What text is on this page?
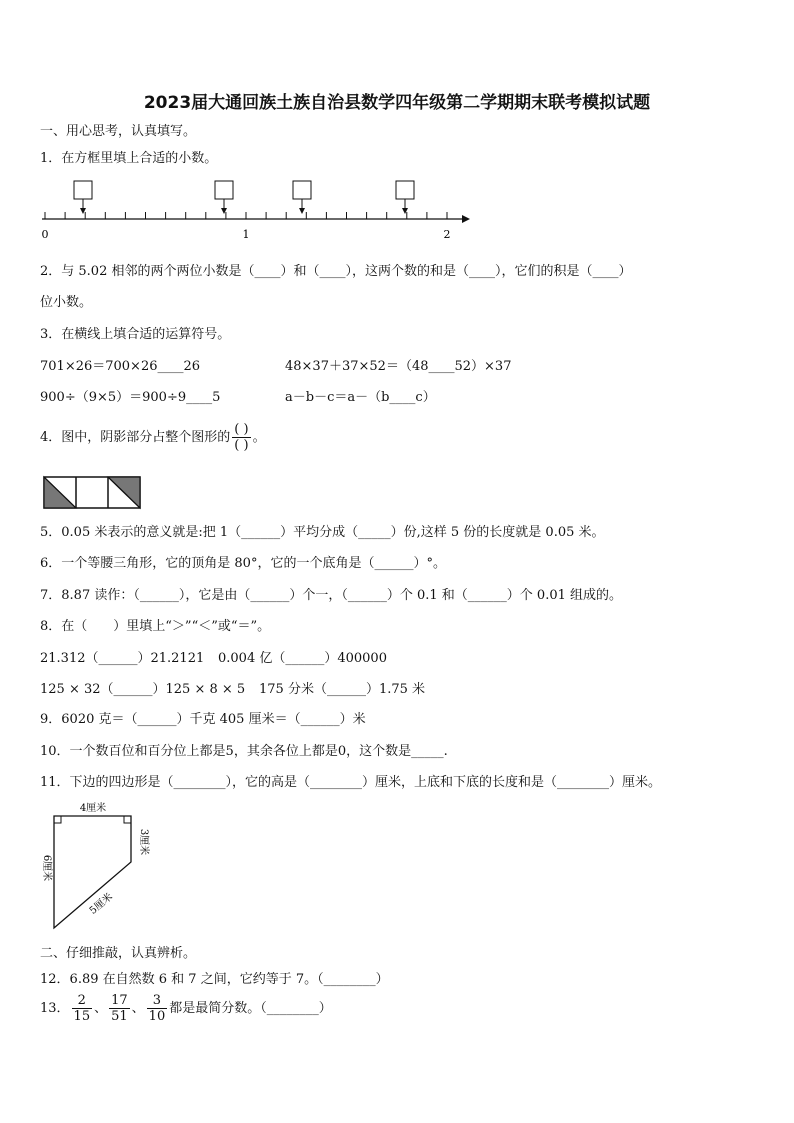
2023届大通回族土族自治县数学四年级第二学期期末联考模拟试题
一、用心思考，认真填写。
1．在方框里填上合适的小数。
0	1	2
2．与 5.02 相邻的两个两位小数是（____）和（____），这两个数的和是（____），它们的积是（____）
位小数。
3．在横线上填合适的运算符号。
701×26＝700×26____26	48×37＋37×52＝（48____52）×37
900÷（9×5）＝900÷9____5	a－b－c＝a－（b____c）
4．图中，阴影部分占整个图形的 $\frac{( )}{( )}$ 。
5．0.05 米表示的意义就是:把 1（______）平均分成（_____）份,这样 5 份的长度就是 0.05 米。
6．一个等腰三角形，它的顶角是 80°，它的一个底角是（______）°。
7．8.87 读作：（______），它是由（______）个一，（______）个 0.1 和（______）个 0.01 组成的。
8．在（　　）里填上“＞”“＜”或“＝”。
21.312（______）21.2121 0.004 亿（______）400000
125 × 32（______）125 × 8 × 5 175 分米（______）1.75 米
9．6020 克＝（______）千克 405 厘米＝（______）米
10．一个数百位和百分位上都是5，其余各位上都是0，这个数是_____.
11．下边的四边形是（________），它的高是（________）厘米，上底和下底的长度和是（________）厘米。
4厘米
3厘米
6厘米
5厘米
二、仔细推敲，认真辨析。
12．6.89 在自然数 6 和 7 之间，它约等于 7。（________）
13． $\frac{2}{15}$ 、 $\frac{17}{51}$ 、 $\frac{3}{10}$ 都是最简分数。（________）
